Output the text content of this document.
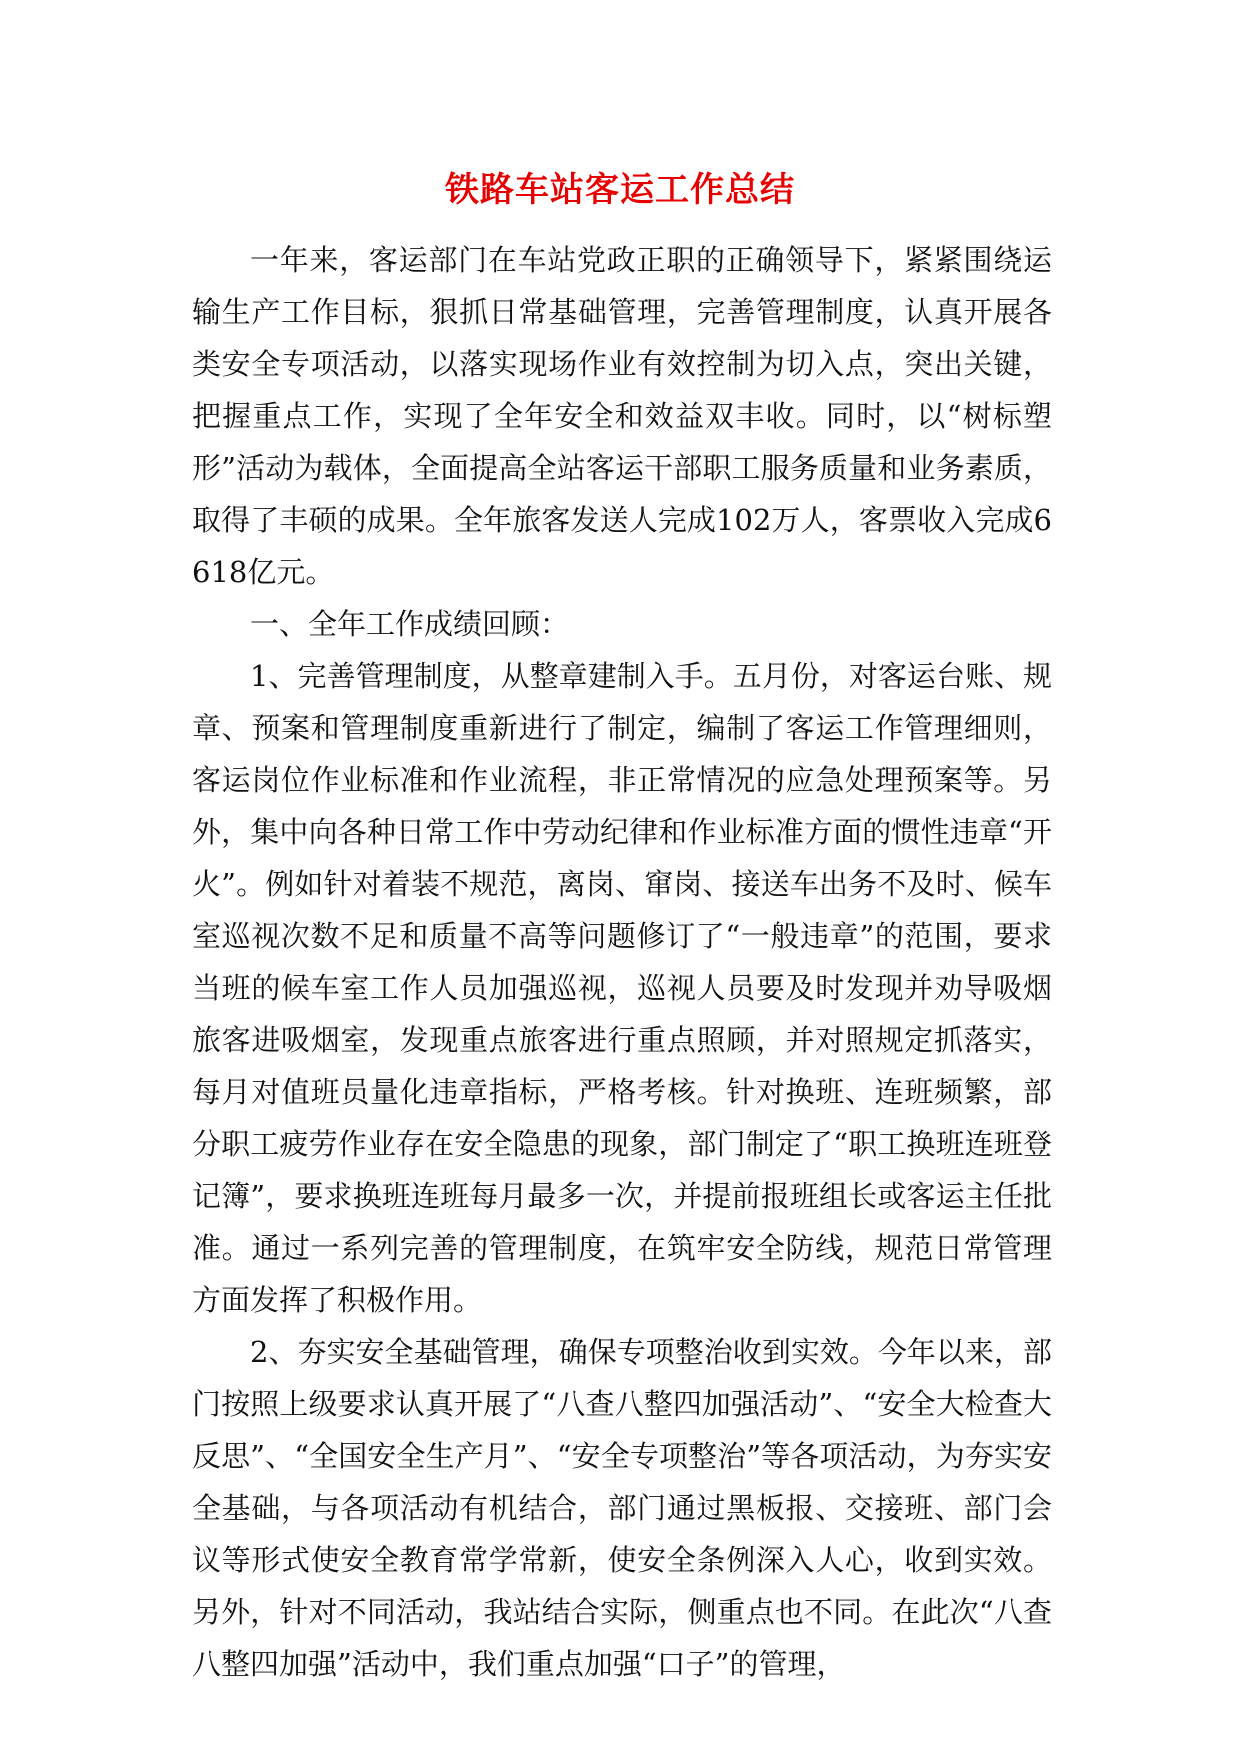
铁路车站客运工作总结

一年来，客运部门在车站党政正职的正确领导下，紧紧围绕运输生产工作目标，狠抓日常基础管理，完善管理制度，认真开展各类安全专项活动，以落实现场作业有效控制为切入点，突出关键，把握重点工作，实现了全年安全和效益双丰收。同时，以“树标塑形”活动为载体，全面提高全站客运干部职工服务质量和业务素质，取得了丰硕的成果。全年旅客发送人完成102万人，客票收入完成6618亿元。

一、全年工作成绩回顾：

1、完善管理制度，从整章建制入手。五月份，对客运台账、规章、预案和管理制度重新进行了制定，编制了客运工作管理细则，客运岗位作业标准和作业流程，非正常情况的应急处理预案等。另外，集中向各种日常工作中劳动纪律和作业标准方面的惯性违章“开火”。例如针对着装不规范，离岗、窜岗、接送车出务不及时、候车室巡视次数不足和质量不高等问题修订了“一般违章”的范围，要求当班的候车室工作人员加强巡视，巡视人员要及时发现并劝导吸烟旅客进吸烟室，发现重点旅客进行重点照顾，并对照规定抓落实，每月对值班员量化违章指标，严格考核。针对换班、连班频繁，部分职工疲劳作业存在安全隐患的现象，部门制定了“职工换班连班登记簿”，要求换班连班每月最多一次，并提前报班组长或客运主任批准。通过一系列完善的管理制度，在筑牢安全防线，规范日常管理方面发挥了积极作用。

2、夯实安全基础管理，确保专项整治收到实效。今年以来，部门按照上级要求认真开展了“八查八整四加强活动”、“安全大检查大反思”、“全国安全生产月”、“安全专项整治”等各项活动，为夯实安全基础，与各项活动有机结合，部门通过黑板报、交接班、部门会议等形式使安全教育常学常新，使安全条例深入人心，收到实效。另外，针对不同活动，我站结合实际，侧重点也不同。在此次“八查八整四加强”活动中，我们重点加强“口子”的管理，
